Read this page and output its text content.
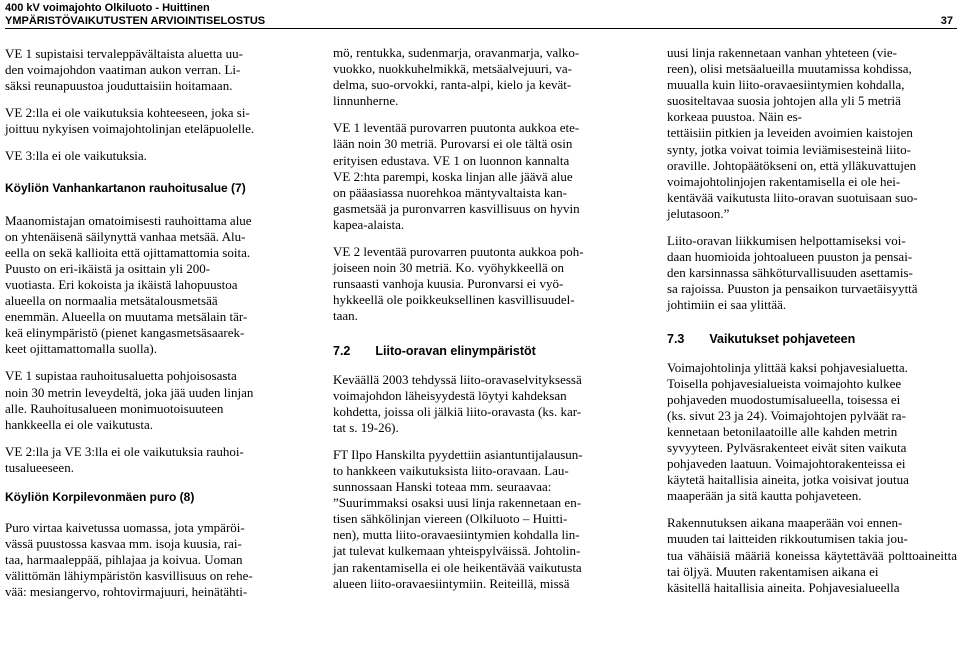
400 kV voimajohto Olkiluoto - Huittinen
YMPÄRISTÖVAIKUTUSTEN ARVIOINTISELOSTUS	37

VE 1 supistaisi tervaleppävältaista aluetta uu-
den voimajohdon vaatiman aukon verran. Li-
säksi reunapuustoa jouduttaisiin hoitamaan.

VE 2:lla ei ole vaikutuksia kohteeseen, joka si-
joittuu nykyisen voimajohtolinjan eteläpuolelle.

VE 3:lla ei ole vaikutuksia.

Köyliön Vanhankartanon rauhoitusalue (7)

Maanomistajan omatoimisesti rauhoittama alue
on yhtenäisenä säilynyttä vanhaa metsää. Alu-
eella on sekä kallioita että ojittamattomia soita.
Puusto on eri-ikäistä ja osittain yli 200-
vuotiasta. Eri kokoista ja ikäistä lahopuustoa
alueella on normaalia metsätalousmetsää
enemmän. Alueella on muutama metsälain tär-
keä elinympäristö (pienet kangasmetsäsaarek-
keet ojittamattomalla suolla).

VE 1 supistaa rauhoitusaluetta pohjoisosasta
noin 30 metrin leveydeltä, joka jää uuden linjan
alle. Rauhoitusalueen monimuotoisuuteen
hankkeella ei ole vaikutusta.

VE 2:lla ja VE 3:lla ei ole vaikutuksia rauhoi-
tusalueeseen.

Köyliön Korpilevonmäen puro (8)

Puro virtaa kaivetussa uomassa, jota ympäröi-
vässä puustossa kasvaa mm. isoja kuusia, rai-
taa, harmaaleppää, pihlajaa ja koivua. Uoman
välittömän lähiympäristön kasvillisuus on rehe-
vää: mesiangervo, rohtovirmajuuri, heinätähti-

mö, rentukka, sudenmarja, oravanmarja, valko-
vuokko, nuokkuhelmikkä, metsäalvejuuri, va-
delma, suo-orvokki, ranta-alpi, kielo ja kevät-
linnunherne.

VE 1 leventää purovarren puutonta aukkoa ete-
lään noin 30 metriä. Purovarsi ei ole tältä osin
erityisen edustava. VE 1 on luonnon kannalta
VE 2:hta parempi, koska linjan alle jäävä alue
on pääasiassa nuorehkoa mäntyvaltaista kan-
gasmetsää ja puronvarren kasvillisuus on hyvin
kapea-alaista.

VE 2 leventää purovarren puutonta aukkoa poh-
joiseen noin 30 metriä. Ko. vyöhykkeellä on
runsaasti vanhoja kuusia. Puronvarsi ei vyö-
hykkeellä ole poikkeuksellinen kasvillisuudel-
taan.

7.2  Liito-oravan elinympäristöt

Keväällä 2003 tehdyssä liito-oravaselvityksessä
voimajohdon läheisyydestä löytyi kahdeksan
kohdetta, joissa oli jälkiä liito-oravasta (ks. kar-
tat s. 19-26).

FT Ilpo Hanskilta pyydettiin asiantuntijalausun-
to hankkeen vaikutuksista liito-oravaan. Lau-
sunnossaan Hanski toteaa mm. seuraavaa:
”Suurimmaksi osaksi uusi linja rakennetaan en-
tisen sähkölinjan viereen (Olkiluoto – Huitti-
nen), mutta liito-oravaesiintymien kohdalla lin-
jat tulevat kulkemaan yhteispylväissä. Johtolin-
jan rakentamisella ei ole heikentävää vaikutusta
alueen liito-oravaesiintymiin. Reiteillä, missä

uusi linja rakennetaan vanhan yhteteen (vie-
reen), olisi metsäalueilla muutamissa kohdissa,
muualla kuin liito-oravaesiintymien kohdalla,
suositeltavaa suosia johtojen alla yli 5 metriä
korkeaa puustoa. Näin es-
tettäisiin pitkien ja leveiden avoimien kaistojen
synty, jotka voivat toimia leviämisesteinä liito-
oraville. Johtopäätökseni on, että ylläkuvattujen
voimajohtolinjojen rakentamisella ei ole hei-
kentävää vaikutusta liito-oravan suotuisaan suo-
jelutasoon.”

Liito-oravan liikkumisen helpottamiseksi voi-
daan huomioida johtoalueen puuston ja pensai-
den karsinnassa sähköturvallisuuden asettamis-
sa rajoissa. Puuston ja pensaikon turvaetäisyyttä
johtimiin ei saa ylittää.

7.3  Vaikutukset pohjaveteen

Voimajohtolinja ylittää kaksi pohjavesialuetta.
Toisella pohjavesialueista voimajohto kulkee
pohjaveden muodostumisalueella, toisessa ei
(ks. sivut 23 ja 24). Voimajohtojen pylväät ra-
kennetaan betonilaatoille alle kahden metrin
syvyyteen. Pylväsrakenteet eivät siten vaikuta
pohjaveden laatuun. Voimajohtorakenteissa ei
käytetä haitallisia aineita, jotka voisivat joutua
maaperään ja sitä kautta pohjaveteen.

Rakennutuksen aikana maaperään voi ennen-
muuden tai laitteiden rikkoutumisen takia jou-
tua vähäisiä määriä koneissa käytettävää polttoaineitta tai öljyä. Muuten rakentamisen aikana ei
käsitellä haitallisia aineita. Pohjavesialueella
